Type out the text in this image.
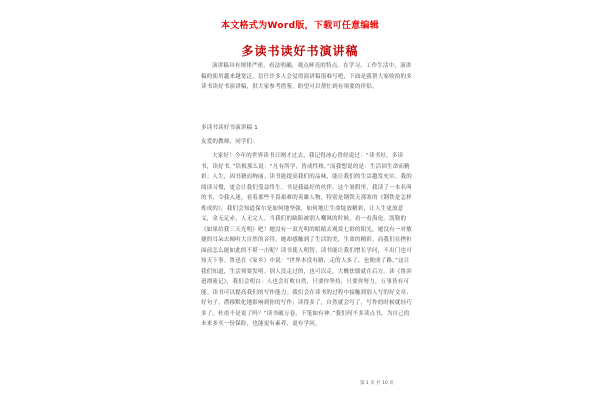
本文格式为Word版，下载可任意编辑
多读书读好书演讲稿

演讲稿具有规律严密，看法明确，观点鲜亮的特点。在学习、工作生活中，演讲稿的使用越来越宽泛，信任许多人会觉得演讲稿很难写吧，下面是我帮大家收拾的多读书读好书演讲稿，供大家参考借鉴，盼望可以帮忙到有须要的伴侣。

多读书读好书演讲稿 1

友爱的教师、同学们：

大家好！今年的世界读书日刚才过去，我记得冰心曾经说过：“读书好，多读书，读好书。”培根那么说：“凡有所学，皆成性格。”而我想说的是：生活因生命而精彩；人生，因书籍而绚丽。读书能提高我们的品味，能让我们的生活越发充实。我的阅读习惯，更会让我们受益终生。书是我最好的伙伴。这个暑假里，我读了一本名叫的书，令我入迷。看着那些不畏艰难的英雄人物，特别是钢铁天那塞的《钢铁是怎样炼成的》，我们会知道保尔是如何地坚强，如何地让生命绽放精彩，让人生更放意义，金无足赤，人无完人。当我们的缺陷被别人嘲讽的时候，看一看海伦。凯勒的《如果给我三天光明》吧！她没有一双光明的眼睛去观赏七彩的阳光，她没有一对敏捷的耳朵去倾听大自然的音符，她却感触到了生活的美，生命的精彩，而我们在挫折面前怎么能如此的不堪一击呢？读书使人明智。读书能让我们增长学问，不出门也可知天下事。鲁迅在《家乡》中说：“世界本没有路，走的人多了，也便成了路。”这让我们知道，生活须要发明。别人没走过的，也可以走，大概怯懦就在后方。读《鲁滨逊漂流记》，我们会明白：人也会打败自然，只要你坚持，只要你努力，万事皆有可能。读书可以提高我们的写作能力。我们会在读书的过程中接触到别人写的好文章、好句子，潜移默化地影响到你的写作；读得多了，自然就会写了，写作的时候就轻巧多了。杜甫不是说了吗？“读书破万卷，下笔如有神。”我们何不多读点书，为自己的未来多买一份保险，也能更有素养，更有学问。

第 1 页 共 10 页
